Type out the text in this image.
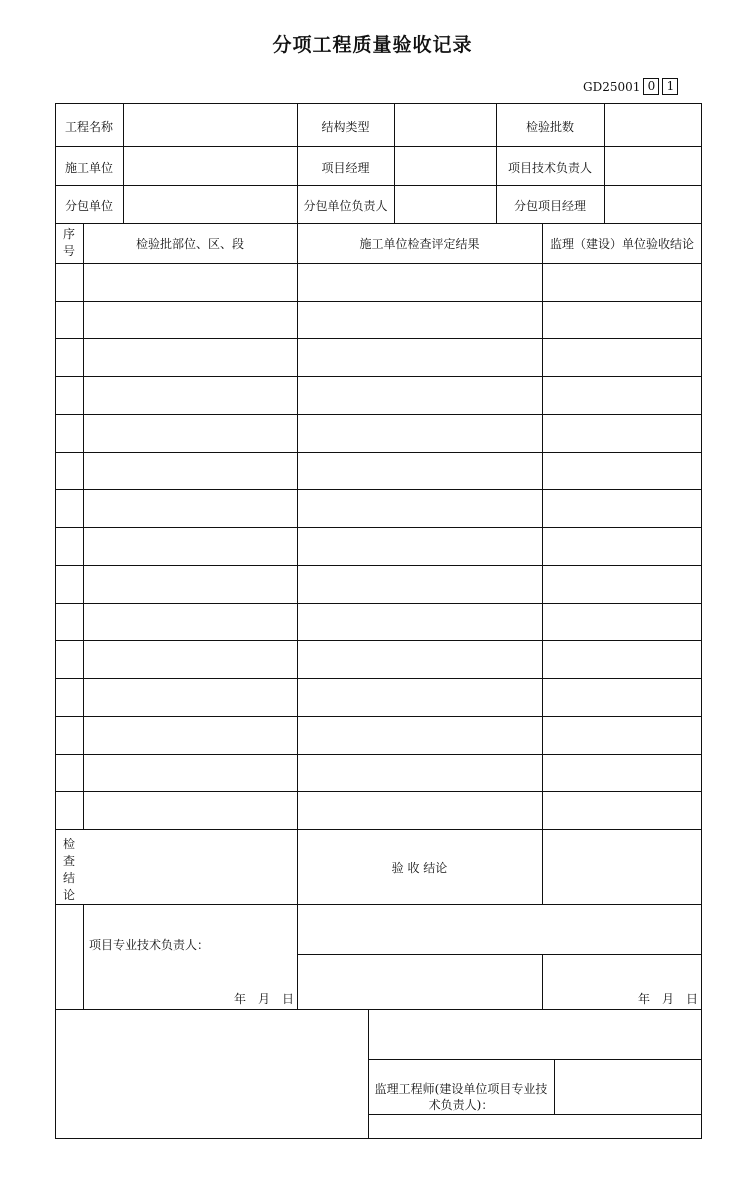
分项工程质量验收记录
GD25001 0 1
工程名称	结构类型	检验批数
施工单位	项目经理	项目技术负责人
分包单位	分包单位负责人	分包项目经理
序号	检验批部位、区、段	施工单位检查评定结果	监理（建设）单位验收结论
检查结论
验 收 结论
项目专业技术负责人：
年　月　日	年　月　日
监理工程师(建设单位项目专业技
术负责人)：
